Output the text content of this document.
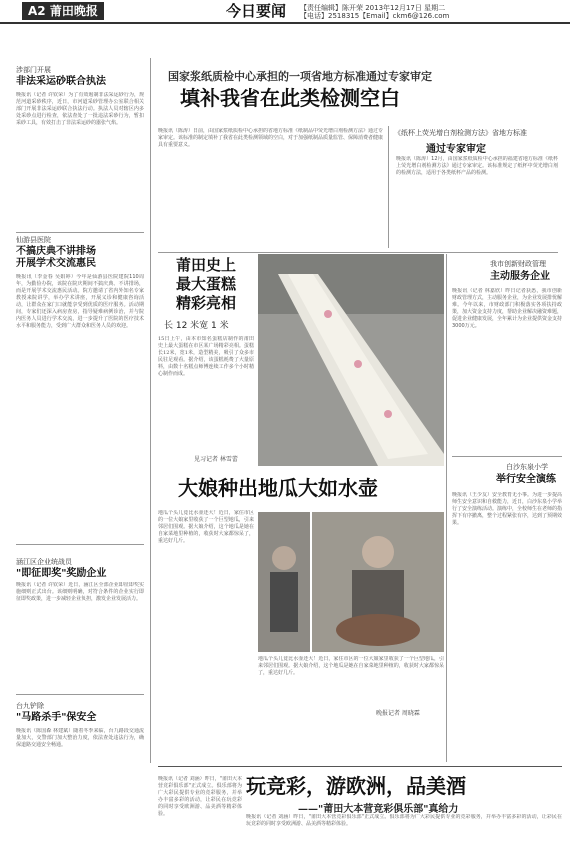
A2 莆田晚报	今日要闻 【责任编辑】陈开荣 2013年12月17日 星期二
【电话】2518315【Email】ckm6@126.com
涉部门开展
非法采运砂联合执法
晚报讯（记者 许钦荣）为了有效遏制非法采运砂行为，规范河道采砂秩序，近日，市河道采砂管理办公室联合相关部门开展非法采运砂联合执法行动。执法人员对辖区内多处采砂点进行检查，依法查处了一批违法采砂行为，暂扣采砂工具，有效打击了非法采运砂的嚣张气焰。
仙游县医院
不搞庆典不讲排场
开展学术交流惠民
晚报讯（李金春 吴娟婷）今年是仙游县医院建院110周年，为勤俭办院，该院在院庆期间不搞庆典、不讲排场，而是开展学术交流惠民活动。院方邀请了省内外知名专家教授来院讲学，举办学术讲座，开展义诊和健康咨询活动，让群众在家门口就能享受到优质的医疗服务。活动期间，专家们还深入病房查房，指导疑难病例诊治，并与院内医务人员进行学术交流，进一步提升了医院的医疗技术水平和服务能力，受到广大群众和医务人员的欢迎。
涵江区企业统战员
"即征即奖"奖励企业
晚报讯（记者 许钦荣）近日，涵江区全部企业即征即奖实施细则正式出台。该细则明确，对符合条件的企业实行即征即奖政策，进一步减轻企业负担，激发企业发展活力。
台九铲除
"马路杀手"保安全
晚报讯（陈国森 林建斌）随着冬季来临，台九路段交通流量加大，交警部门加大整治力度，依法查处违法行为，确保道路交通安全畅通。
国家浆纸质检中心承担的一项省地方标准通过专家审定
填补我省在此类检测空白
晚报讯（陈涛）日前，由国家浆纸质检中心承担的省地方标准《纸制品中荧光增白剂检测方法》通过专家审定。该标准的制定填补了我省在此类检测领域的空白，对于加强纸制品质量监管、保障消费者健康具有重要意义。
《纸杯上荧光增白剂检测方法》省地方标准
通过专家审定
晚报讯（陈涛）12月，由国家浆纸质检中心承担的福建省地方标准《纸杯上荧光增白剂检测方法》通过专家审定。该标准规定了纸杯中荧光增白剂的检测方法，适用于各类纸杯产品的检测。
莆田史上
最大蛋糕
精彩亮相
长 12 米宽 1 米
15日上午，由本市知名蛋糕店制作的莆田史上最大蛋糕在市区某广场精彩亮相。蛋糕长12米，宽1米，造型精美，吸引了众多市民驻足观看。据介绍，该蛋糕耗费了大量原料，由数十名糕点师傅连续工作多个小时精心制作而成。
见习记者 林雪蕾
我市创新财政管理
主动服务企业
晚报讯（记者 林嘉欣）昨日记者获悉，我市创新财政管理方式，主动服务企业，为企业发展排忧解难。今年以来，市财政部门积极落实各项扶持政策，加大资金支持力度，帮助企业解决融资难题，促进企业健康发展，全年累计为企业提供资金支持3000万元。
白沙东泉小学
举行安全演练
晚报讯（王少友）安全教育无小事。为进一步提高师生安全意识和自救能力，近日，白沙东泉小学举行了安全演练活动。演练中，全校师生在老师的指挥下有序撤离，整个过程紧张有序，达到了预期效果。
大娘种出地瓜大如水壶
地瓜个头儿竟比水壶还大！近日，家住市区的一位大娘家里收获了一个巨型地瓜，引来邻居们围观。据大娘介绍，这个地瓜是她在自家菜地里种植的，收获时大家都惊呆了，重达好几斤。
地瓜个头儿竟比水壶还大！近日，家住市区的一位大娘家里收获了一个巨型地瓜，引来邻居们围观。据大娘介绍，这个地瓜是她在自家菜地里种植的，收获时大家都惊呆了，重达好几斤。
晚报记者 周晓霖
玩竞彩，游欧洲，品美酒
——"莆田大本营竞彩俱乐部"真给力
晚报讯（记者 刘涵）昨日，"莆田大本营竞彩俱乐部"正式成立。俱乐部将为广大彩民提供专业的竞彩服务，并举办丰富多彩的活动，让彩民在玩竞彩的同时享受欧洲游、品美酒等精彩体验。	晚报讯（记者 刘涵）昨日，"莆田大本营竞彩俱乐部"正式成立。俱乐部将为广大彩民提供专业的竞彩服务，并举办丰富多彩的活动，让彩民在玩竞彩的同时享受欧洲游、品美酒等精彩体验。
